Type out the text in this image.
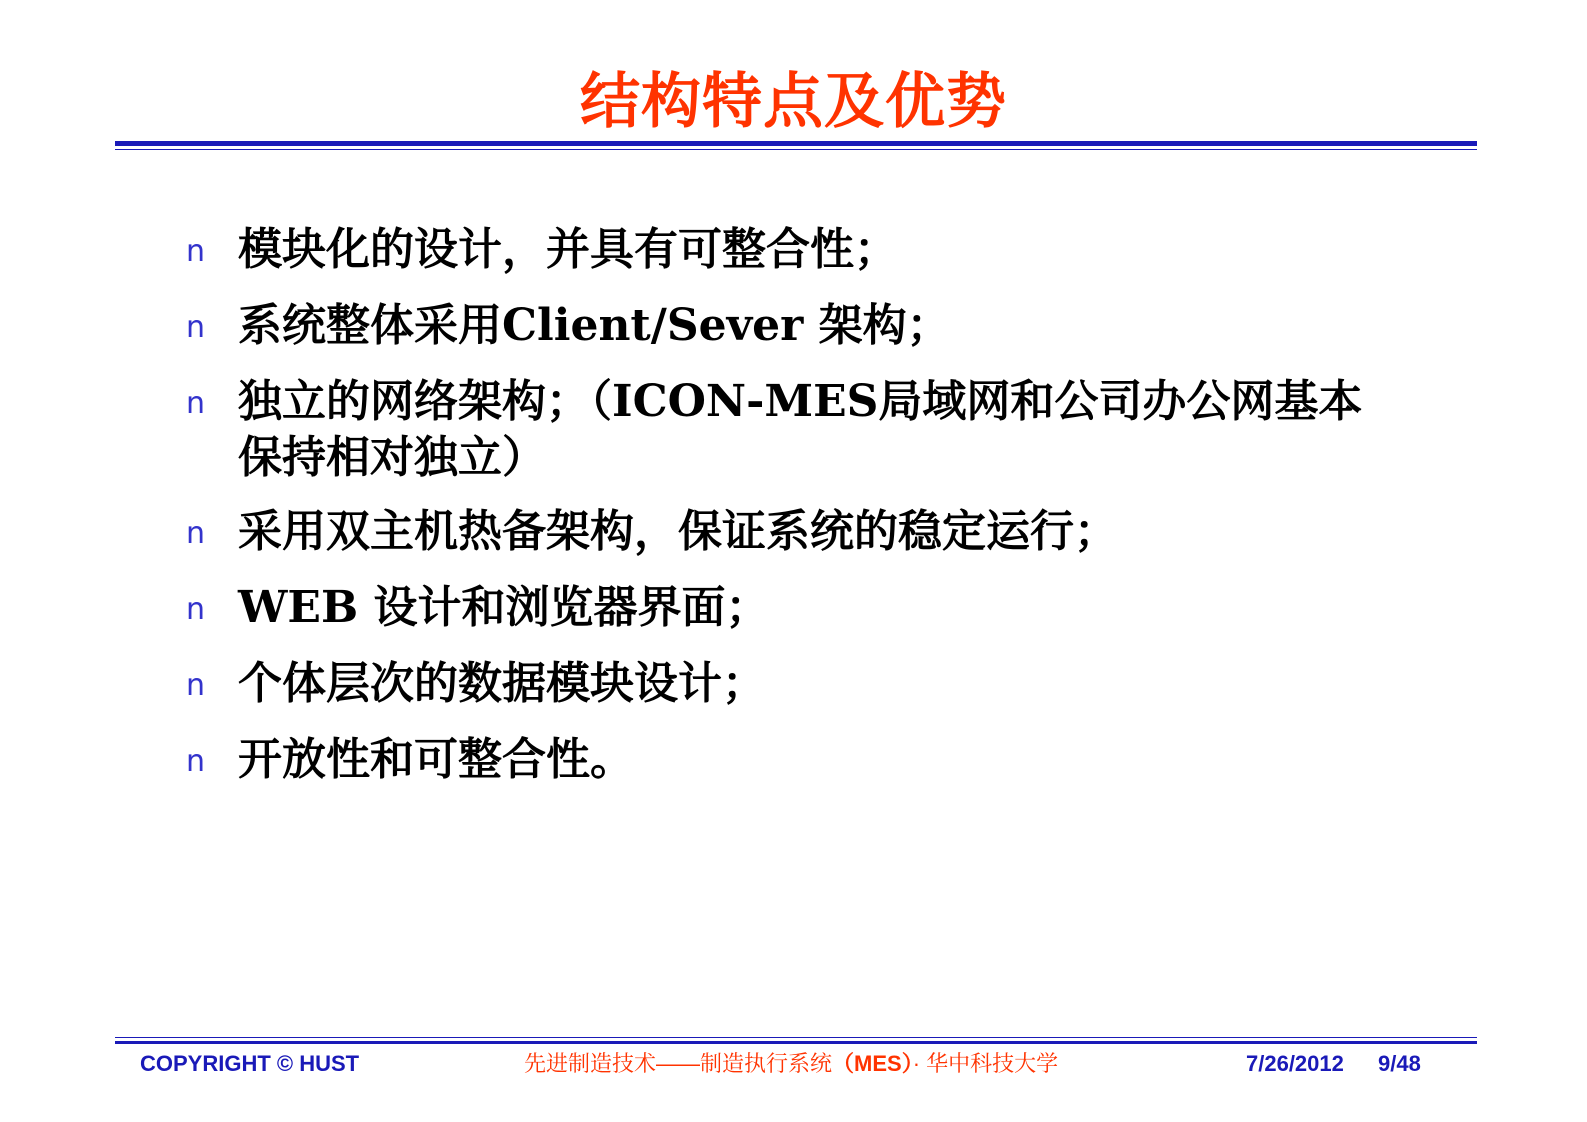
结构特点及优势
n 模块化的设计，并具有可整合性；
n 系统整体采用Client/Sever 架构；
n 独立的网络架构；（ICON-MES局域网和公司办公网基本保持相对独立）
n 采用双主机热备架构，保证系统的稳定运行；
n WEB 设计和浏览器界面；
n 个体层次的数据模块设计；
n 开放性和可整合性。
COPYRIGHT © HUST	先进制造技术——制造执行系统（MES）· 华中科技大学	7/26/2012 9/48
